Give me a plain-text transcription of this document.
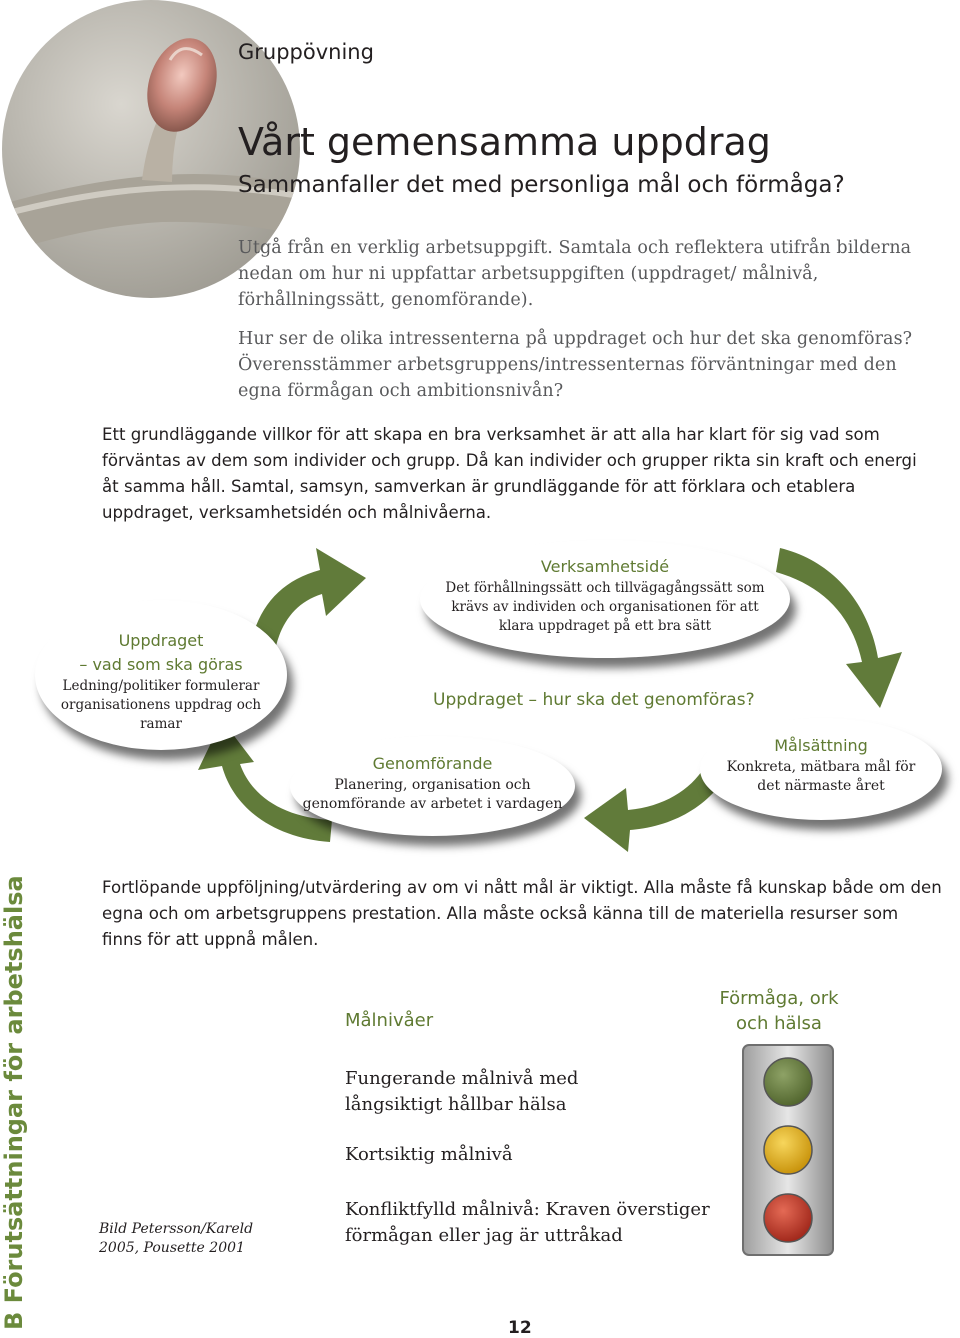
Gruppövning
Vårt gemensamma uppdrag
Sammanfaller det med personliga mål och förmåga?

Utgå från en verklig arbetsuppgift. Samtala och reflektera utifrån bilderna nedan om hur ni uppfattar arbetsuppgiften (uppdraget/ målnivå, förhållningssätt, genomförande).

Hur ser de olika intressenterna på uppdraget och hur det ska genomföras? Överensstämmer arbetsgruppens/intressenternas förväntningar med den egna förmågan och ambitionsnivån?

Ett grundläggande villkor för att skapa en bra verksamhet är att alla har klart för sig vad som förväntas av dem som individer och grupp. Då kan individer och grupper rikta sin kraft och energi åt samma håll. Samtal, samsyn, samverkan är grundläggande för att förklara och etablera uppdraget, verksamhetsidén och målnivåerna.
Uppdraget
– vad som ska göras
Ledning/politiker formulerar organisationens uppdrag och ramar
Verksamhetsidé
Det förhållningssätt och tillvägagångssätt som krävs av individen och organisationen för att klara uppdraget på ett bra sätt
Uppdraget – hur ska det genomföras?
Målsättning
Konkreta, mätbara mål för det närmaste året
Genomförande
Planering, organisation och genomförande av arbetet i vardagen
Fortlöpande uppföljning/utvärdering av om vi nått mål är viktigt. Alla måste få kunskap både om den egna och om arbetsgruppens prestation. Alla måste också känna till de materiella resurser som finns för att uppnå målen.
Målnivåer
Fungerande målnivå med långsiktigt hållbar hälsa
Kortsiktig målnivå
Konfliktfylld målnivå: Kraven överstiger förmågan eller jag är uttråkad
Förmåga, ork och hälsa
Bild Petersson/Kareld 2005, Pousette 2001
B Förutsättningar för arbetshälsa	12
